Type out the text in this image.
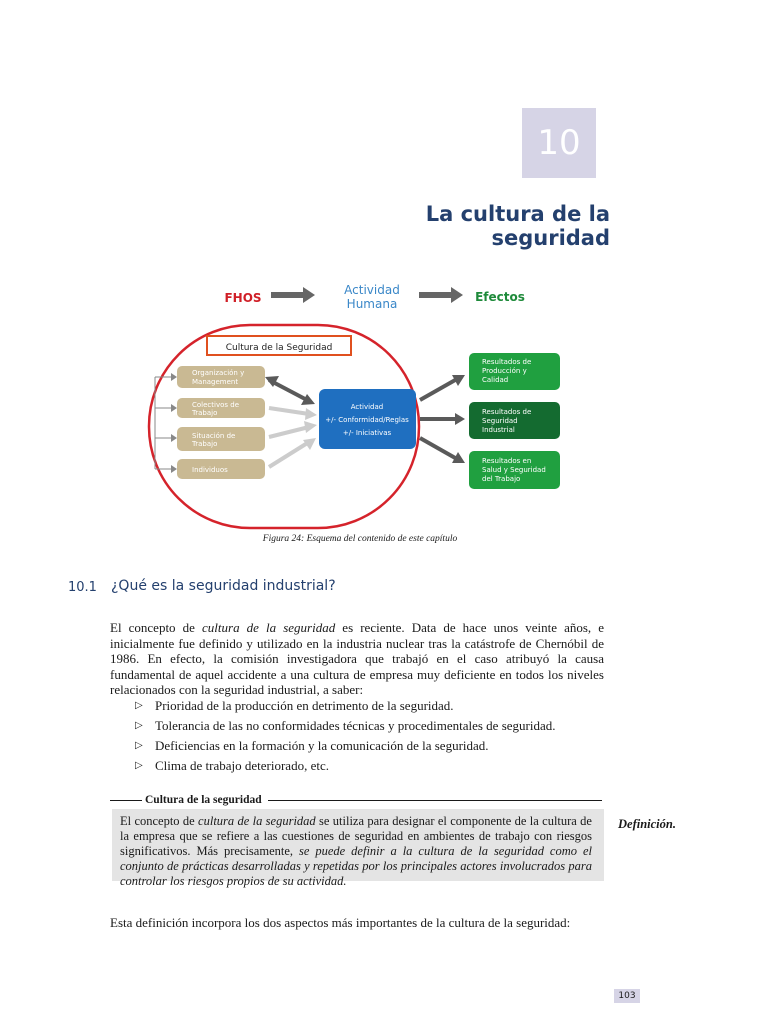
10
La cultura de la seguridad
FHOS
Actividad
Humana	Efectos
Cultura de la Seguridad
Organización y
Management
Colectivos de
Trabajo
Situación de
Trabajo
Individuos
Actividad
+/- Conformidad/Reglas
+/- Iniciativas
Resultados de
Producción y
Calidad
Resultados de
Seguridad
Industrial
Resultados en
Salud y Seguridad
del Trabajo
Figura 24: Esquema del contenido de este capítulo
10.1 ¿Qué es la seguridad industrial?

El concepto de cultura de la seguridad es reciente. Data de hace unos veinte años, e inicialmente fue definido y utilizado en la industria nuclear tras la catástrofe de Chernóbil de 1986. En efecto, la comisión investigadora que trabajó en el caso atribuyó la causa fundamental de aquel accidente a una cultura de empresa muy deficiente en todos los niveles relacionados con la seguridad industrial, a saber:

▷ Prioridad de la producción en detrimento de la seguridad.
▷ Tolerancia de las no conformidades técnicas y procedimentales de seguridad.
▷ Deficiencias en la formación y la comunicación de la seguridad.
▷ Clima de trabajo deteriorado, etc.
Cultura de la seguridad

El concepto de cultura de la seguridad se utiliza para designar el componente de la cultura de la empresa que se refiere a las cuestiones de seguridad en ambientes de trabajo con riesgos significativos. Más precisamente, se puede definir a la cultura de la seguridad como el conjunto de prácticas desarrolladas y repetidas por los principales actores involucrados para controlar los riesgos propios de su actividad.

Definición.

Esta definición incorpora los dos aspectos más importantes de la cultura de la seguridad:

103
